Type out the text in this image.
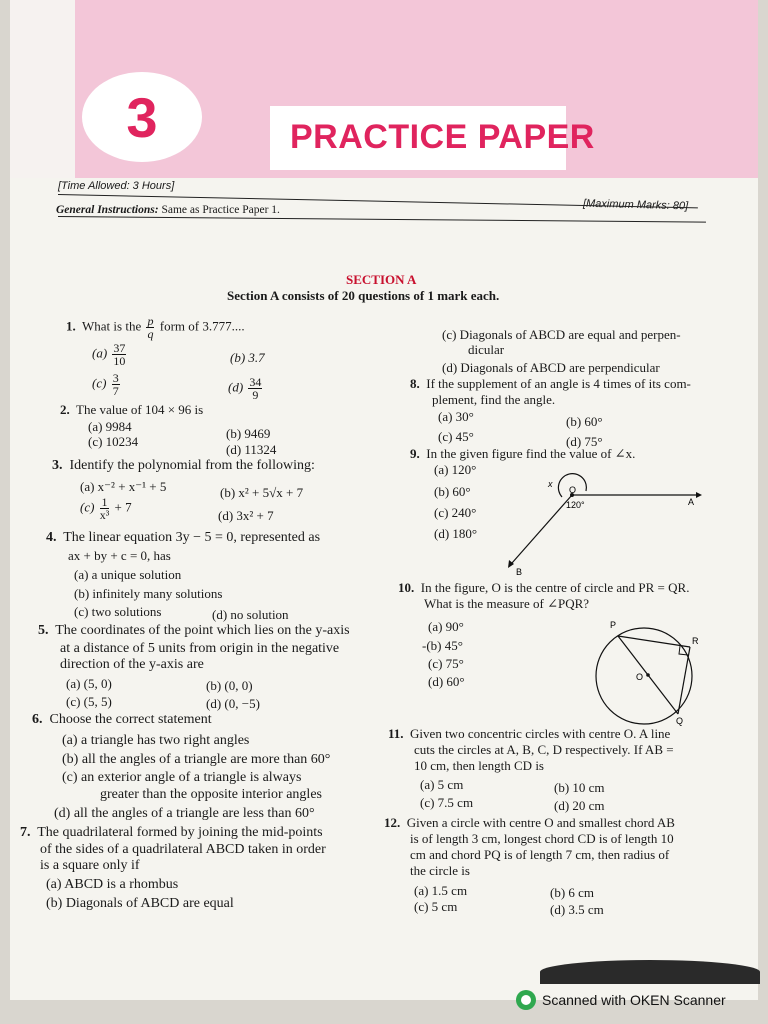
3	PRACTICE PAPER
[Time Allowed: 3 Hours]
[Maximum Marks: 80]
General Instructions: Same as Practice Paper 1.
SECTION A
Section A consists of 20 questions of 1 mark each.
1. What is the $\frac{p}{q}$ form of 3.777....
$(a) \frac{37}{10}$	(b) 3.7
$(c) \frac{3}{7}$	$(d) \frac{34}{9}$
2. The value of 104 × 96 is
(a) 9984	(b) 9469
(c) 10234
(d) 11324
3. Identify the polynomial from the following:
(a) x⁻² + x⁻¹ + 5	(b) x² + 5√x + 7
$(c) \frac{1}{\text{x³}} + 7$
(d) 3x² + 7
4. The linear equation 3y − 5 = 0, represented as
ax + by + c = 0, has
(a) a unique solution
(b) infinitely many solutions
(c) two solutions	(d) no solution
5. The coordinates of the point which lies on the y-axis
at a distance of 5 units from origin in the negative
direction of the y-axis are
(a) (5, 0)	(b) (0, 0)
(c) (5, 5)	(d) (0, −5)
6. Choose the correct statement
(a) a triangle has two right angles
(b) all the angles of a triangle are more than 60°
(c) an exterior angle of a triangle is always
greater than the opposite interior angles
(d) all the angles of a triangle are less than 60°
7. The quadrilateral formed by joining the mid-points
of the sides of a quadrilateral ABCD taken in order
is a square only if
(a) ABCD is a rhombus
(b) Diagonals of ABCD are equal
(c) Diagonals of ABCD are equal and perpen-
dicular
(d) Diagonals of ABCD are perpendicular
8. If the supplement of an angle is 4 times of its com-
plement, find the angle.
(a) 30°	(b) 60°
(c) 45°	(d) 75°
9. In the given figure find the value of ∠x.
(a) 120°
(b) 60°
(c) 240°
(d) 180°
x
O
120°	A
B
10. In the figure, O is the centre of circle and PR = QR.
What is the measure of ∠PQR?
(a) 90°
-(b) 45°
(c) 75°
(d) 60°
P
R
O
Q
11. Given two concentric circles with centre O. A line
cuts the circles at A, B, C, D respectively. If AB =
10 cm, then length CD is
(a) 5 cm	(b) 10 cm
(c) 7.5 cm	(d) 20 cm
12. Given a circle with centre O and smallest chord AB
is of length 3 cm, longest chord CD is of length 10
cm and chord PQ is of length 7 cm, then radius of
the circle is
(a) 1.5 cm	(b) 6 cm
(c) 5 cm	(d) 3.5 cm
Scanned with OKEN Scanner
